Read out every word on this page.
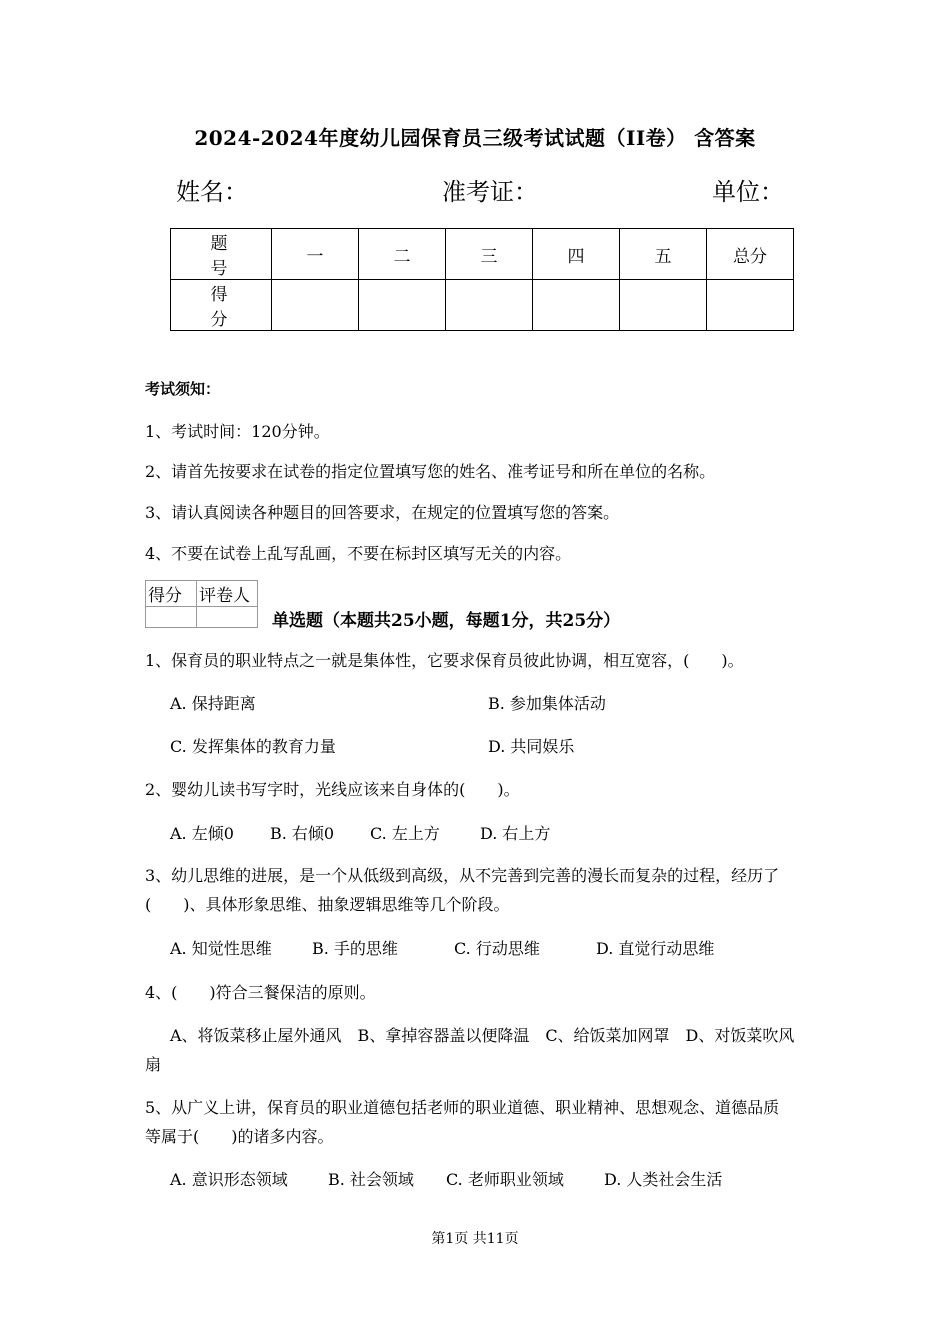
2024-2024年度幼儿园保育员三级考试试题（II卷） 含答案
姓名：	准考证：	单位：
题 号	一	二	三	四	五	总分
得 分						
考试须知：
1、考试时间：120分钟。
2、请首先按要求在试卷的指定位置填写您的姓名、准考证号和所在单位的名称。
3、请认真阅读各种题目的回答要求，在规定的位置填写您的答案。
4、不要在试卷上乱写乱画，不要在标封区填写无关的内容。
得分	评卷人

单选题（本题共25小题，每题1分，共25分）
1、保育员的职业特点之一就是集体性，它要求保育员彼此协调，相互宽容，(　　)。
A. 保持距离	B. 参加集体活动
C. 发挥集体的教育力量	D. 共同娱乐
2、婴幼儿读书写字时，光线应该来自身体的(　　)。
A. 左倾0 B. 右倾0 C. 左上方	D. 右上方
3、幼儿思维的进展，是一个从低级到高级，从不完善到完善的漫长而复杂的过程，经历了
(　　)、具体形象思维、抽象逻辑思维等几个阶段。
A. 知觉性思维	B. 手的思维	C. 行动思维	D. 直觉行动思维
4、(　　)符合三餐保洁的原则。
A、将饭菜移止屋外通风　B、拿掉容器盖以便降温　C、给饭菜加网罩　D、对饭菜吹风
扇
5、从广义上讲，保育员的职业道德包括老师的职业道德、职业精神、思想观念、道德品质
等属于(　　)的诸多内容。
A. 意识形态领域	B. 社会领域 C. 老师职业领域	D. 人类社会生活
第1页 共11页
